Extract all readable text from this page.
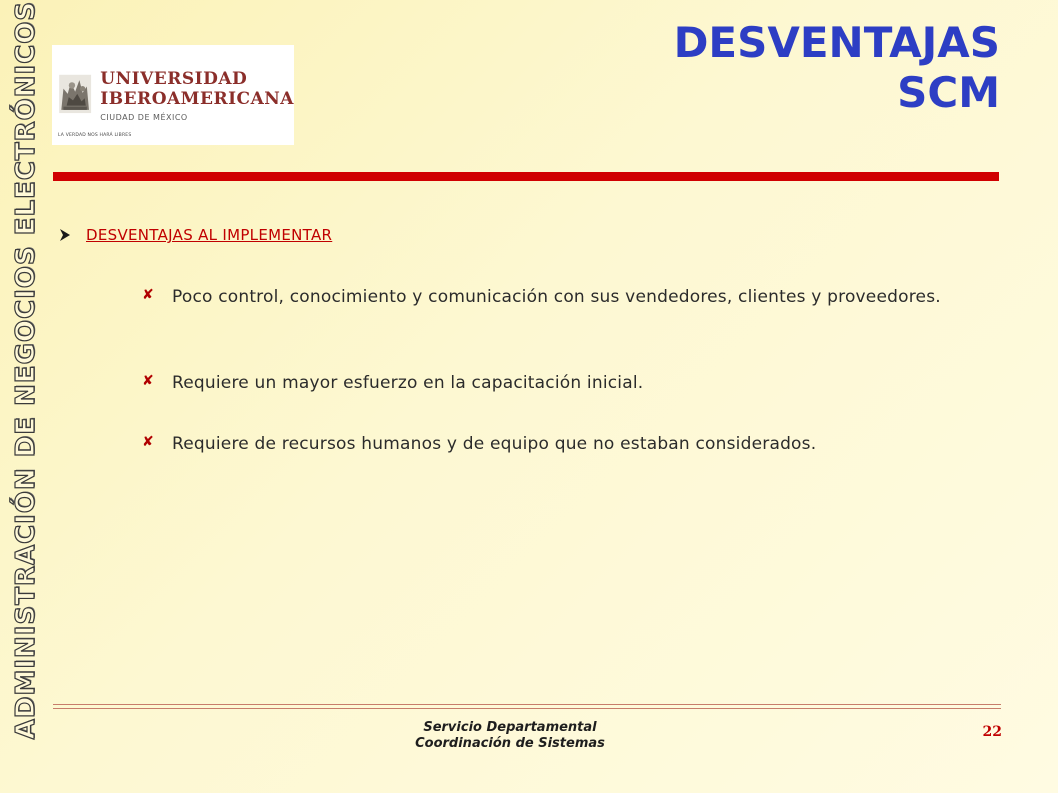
ADMINISTRACIÓN DE NEGOCIOS ELECTRÓNICOS	UNIVERSIDAD
IBEROAMERICANA
CIUDAD DE MÉXICO
LA VERDAD NOS HARÁ LIBRES
DESVENTAJAS
SCM
DESVENTAJAS AL IMPLEMENTAR
✘	Poco control, conocimiento y comunicación con sus vendedores, clientes y proveedores.
✘	Requiere un mayor esfuerzo en la capacitación inicial.
✘	Requiere de recursos humanos y de equipo que no estaban considerados.
Servicio Departamental
Coordinación de Sistemas
22
